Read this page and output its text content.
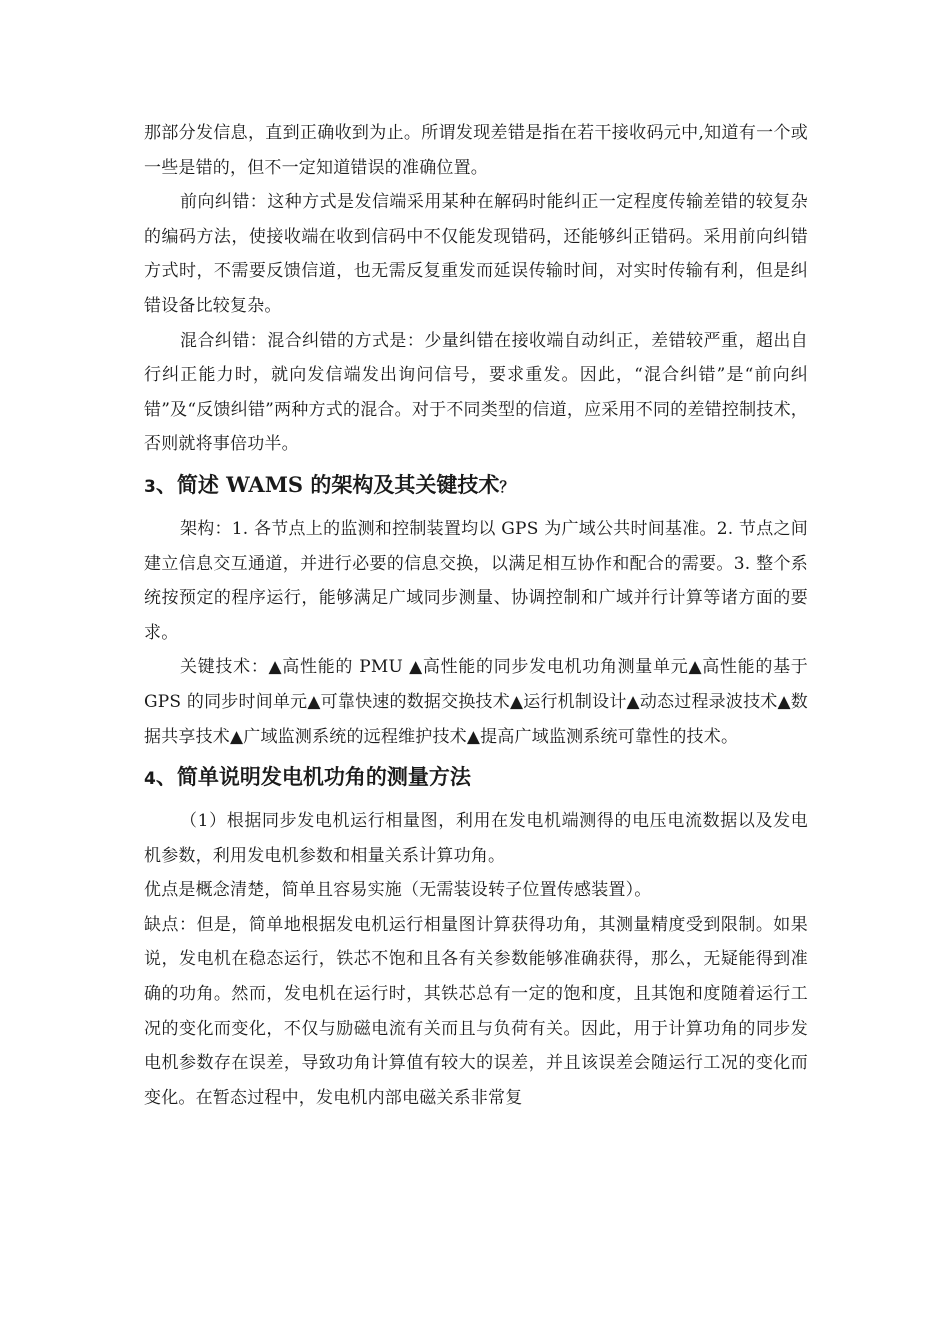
那部分发信息，直到正确收到为止。所谓发现差错是指在若干接收码元中,知道有一个或一些是错的，但不一定知道错误的准确位置。

前向纠错：这种方式是发信端采用某种在解码时能纠正一定程度传输差错的较复杂的编码方法，使接收端在收到信码中不仅能发现错码，还能够纠正错码。采用前向纠错方式时，不需要反馈信道，也无需反复重发而延误传输时间，对实时传输有利，但是纠错设备比较复杂。

混合纠错：混合纠错的方式是：少量纠错在接收端自动纠正，差错较严重，超出自行纠正能力时，就向发信端发出询问信号，要求重发。因此，“混合纠错”是“前向纠错”及“反馈纠错”两种方式的混合。对于不同类型的信道，应采用不同的差错控制技术，否则就将事倍功半。

3、简述 WAMS 的架构及其关键技术？

架构：1. 各节点上的监测和控制装置均以 GPS 为广域公共时间基准。2. 节点之间建立信息交互通道，并进行必要的信息交换，以满足相互协作和配合的需要。3. 整个系统按预定的程序运行，能够满足广域同步测量、协调控制和广域并行计算等诸方面的要求。

关键技术：▲高性能的 PMU ▲高性能的同步发电机功角测量单元▲高性能的基于 GPS 的同步时间单元▲可靠快速的数据交换技术▲运行机制设计▲动态过程录波技术▲数据共享技术▲广域监测系统的远程维护技术▲提高广域监测系统可靠性的技术。

4、简单说明发电机功角的测量方法

（1）根据同步发电机运行相量图，利用在发电机端测得的电压电流数据以及发电机参数，利用发电机参数和相量关系计算功角。

优点是概念清楚，简单且容易实施（无需装设转子位置传感装置）。

缺点：但是，简单地根据发电机运行相量图计算获得功角，其测量精度受到限制。如果说，发电机在稳态运行，铁芯不饱和且各有关参数能够准确获得，那么，无疑能得到准确的功角。然而，发电机在运行时，其铁芯总有一定的饱和度，且其饱和度随着运行工况的变化而变化，不仅与励磁电流有关而且与负荷有关。因此，用于计算功角的同步发电机参数存在误差，导致功角计算值有较大的误差，并且该误差会随运行工况的变化而变化。在暂态过程中，发电机内部电磁关系非常复
